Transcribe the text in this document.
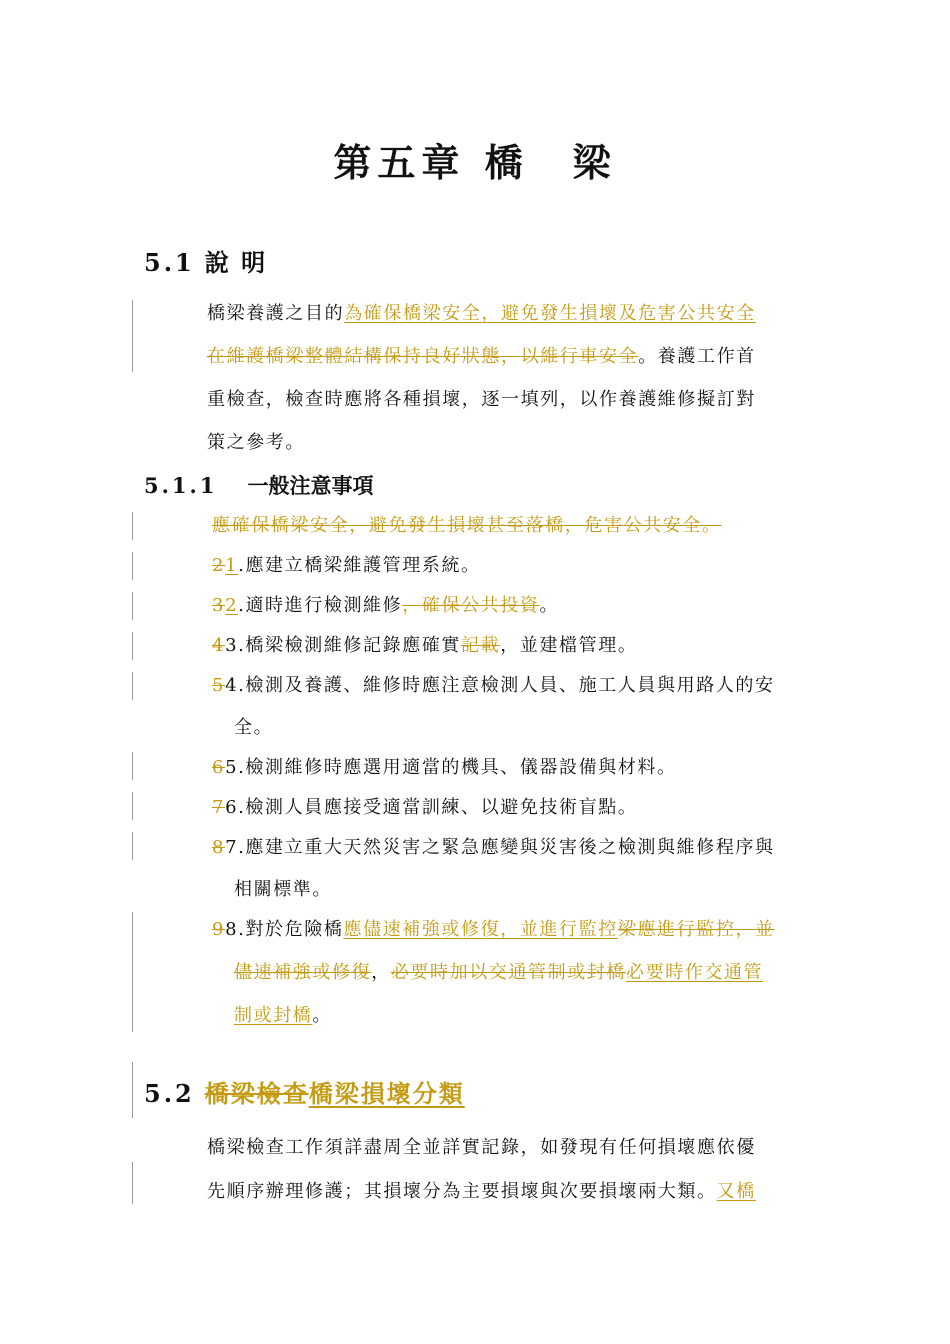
第五章 橋　梁
5.1 說 明
橋梁養護之目的為確保橋梁安全，避免發生損壞及危害公共安全
在維護橋梁整體結構保持良好狀態，以維行車安全。養護工作首
重檢查，檢查時應將各種損壞，逐一填列，以作養護維修擬訂對
策之參考。
5.1.1 一般注意事項
應確保橋梁安全，避免發生損壞甚至落橋，危害公共安全。
21.應建立橋梁維護管理系統。
32.適時進行檢測維修，確保公共投資。
43.橋梁檢測維修記錄應確實記載，並建檔管理。
54.檢測及養護、維修時應注意檢測人員、施工人員與用路人的安
全。
65.檢測維修時應選用適當的機具、儀器設備與材料。
76.檢測人員應接受適當訓練、以避免技術盲點。
87.應建立重大天然災害之緊急應變與災害後之檢測與維修程序與
相關標準。
98.對於危險橋應儘速補強或修復，並進行監控梁應進行監控，並
儘速補強或修復，必要時加以交通管制或封橋必要時作交通管
制或封橋。
5.2 橋梁檢查橋梁損壞分類
橋梁檢查工作須詳盡周全並詳實記錄，如發現有任何損壞應依優
先順序辦理修護；其損壞分為主要損壞與次要損壞兩大類。又橋
